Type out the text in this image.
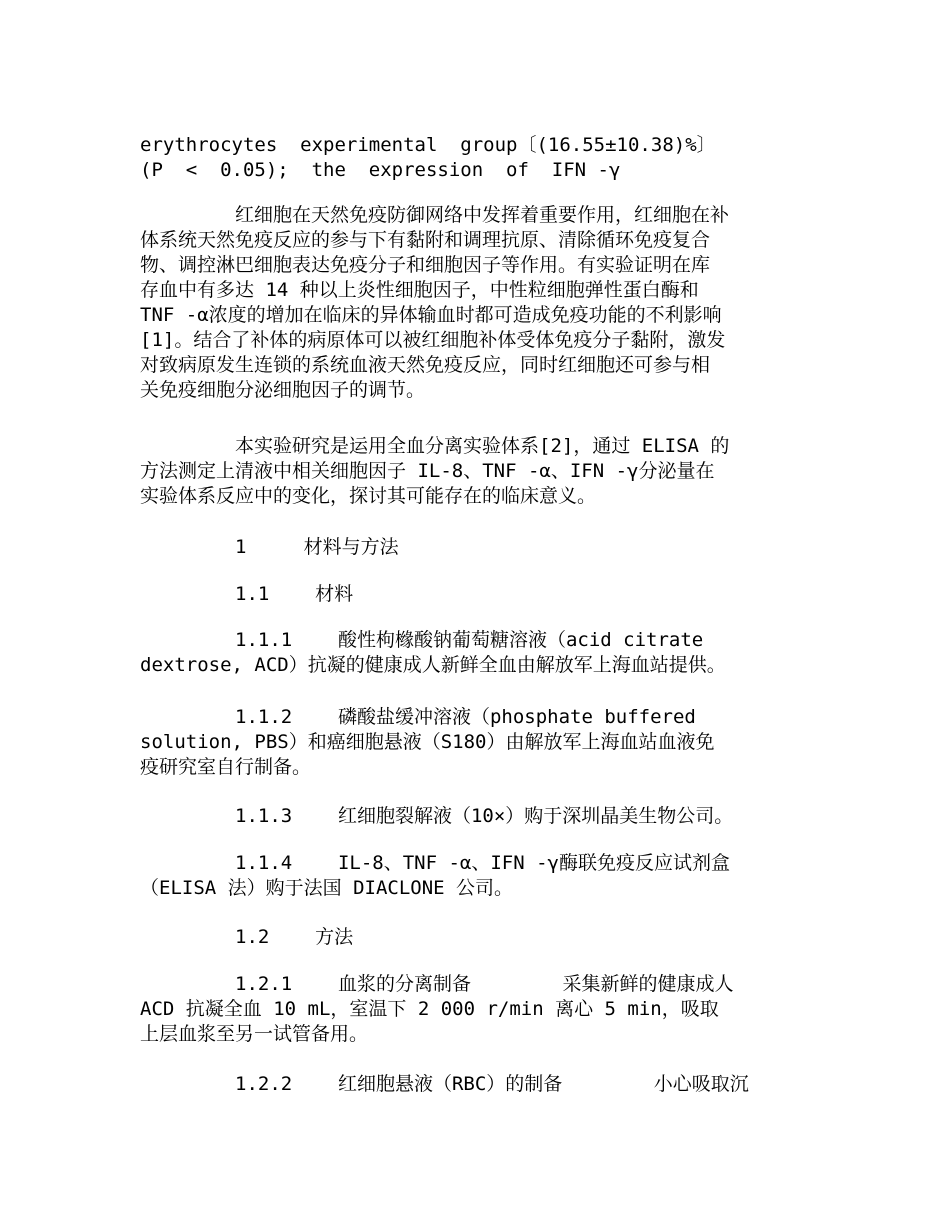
erythrocytes  experimental  group〔(16.55±10.38)%〕
(P  <  0.05);  the  expression  of  IFN -γ
红细胞在天然免疫防御网络中发挥着重要作用，红细胞在补
体系统天然免疫反应的参与下有黏附和调理抗原、清除循环免疫复合
物、调控淋巴细胞表达免疫分子和细胞因子等作用。有实验证明在库
存血中有多达 14 种以上炎性细胞因子，中性粒细胞弹性蛋白酶和
TNF -α浓度的增加在临床的异体输血时都可造成免疫功能的不利影响
[1]。结合了补体的病原体可以被红细胞补体受体免疫分子黏附，激发
对致病原发生连锁的系统血液天然免疫反应，同时红细胞还可参与相
关免疫细胞分泌细胞因子的调节。
本实验研究是运用全血分离实验体系[2]，通过 ELISA 的
方法测定上清液中相关细胞因子 IL-8、TNF -α、IFN -γ分泌量在
实验体系反应中的变化，探讨其可能存在的临床意义。

1     材料与方法

1.1    材料

1.1.1    酸性枸橼酸钠葡萄糖溶液（acid citrate
dextrose, ACD）抗凝的健康成人新鲜全血由解放军上海血站提供。
1.1.2    磷酸盐缓冲溶液（phosphate buffered
solution, PBS）和癌细胞悬液（S180）由解放军上海血站血液免
疫研究室自行制备。

1.1.3    红细胞裂解液（10×）购于深圳晶美生物公司。

1.1.4    IL-8、TNF -α、IFN -γ酶联免疫反应试剂盒
（ELISA 法）购于法国 DIACLONE 公司。

1.2    方法

1.2.1    血浆的分离制备        采集新鲜的健康成人
ACD 抗凝全血 10 mL，室温下 2 000 r/min 离心 5 min，吸取
上层血浆至另一试管备用。

1.2.2    红细胞悬液（RBC）的制备        小心吸取沉
